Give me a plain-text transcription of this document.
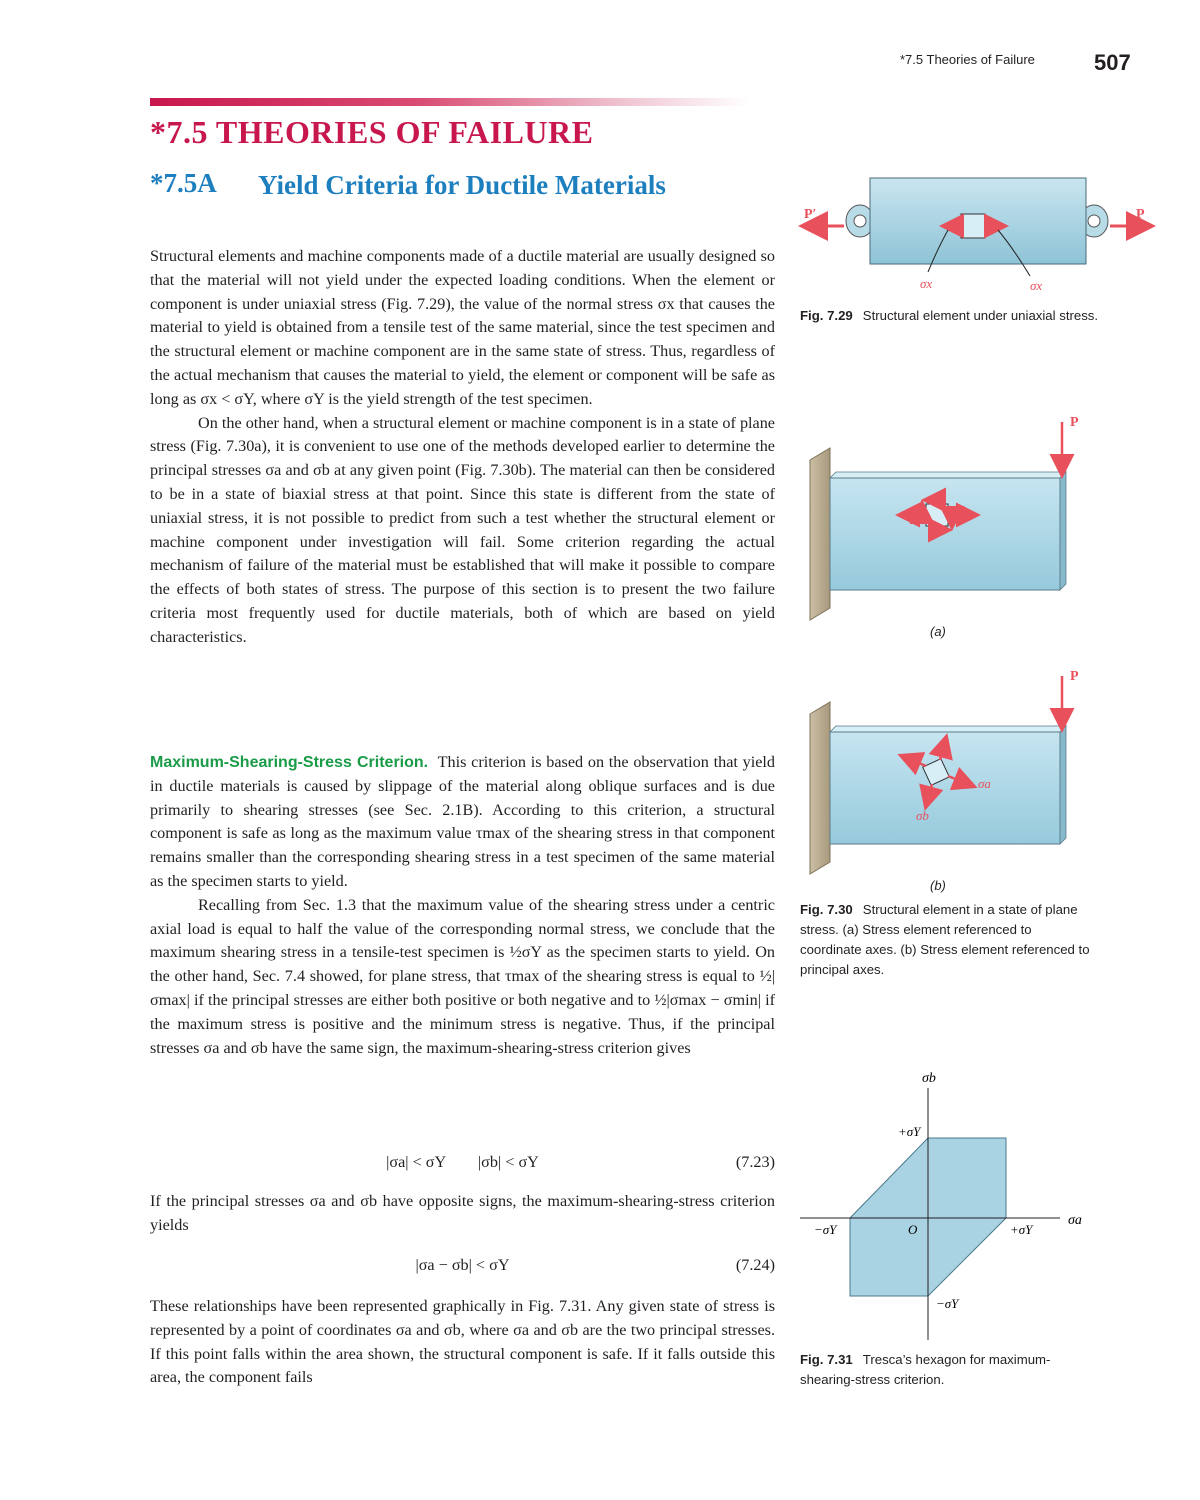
*7.5 Theories of Failure	507
*7.5 THEORIES OF FAILURE
*7.5A Yield Criteria for Ductile Materials

Structural elements and machine components made of a ductile material are usually designed so that the material will not yield under the expected loading conditions. When the element or component is under uniaxial stress (Fig. 7.29), the value of the normal stress σx that causes the material to yield is obtained from a tensile test of the same material, since the test specimen and the structural element or machine component are in the same state of stress. Thus, regardless of the actual mechanism that causes the material to yield, the element or component will be safe as long as σx < σY, where σY is the yield strength of the test specimen.

On the other hand, when a structural element or machine component is in a state of plane stress (Fig. 7.30a), it is convenient to use one of the methods developed earlier to determine the principal stresses σa and σb at any given point (Fig. 7.30b). The material can then be considered to be in a state of biaxial stress at that point. Since this state is different from the state of uniaxial stress, it is not possible to predict from such a test whether the structural element or machine component under investigation will fail. Some criterion regarding the actual mechanism of failure of the material must be established that will make it possible to compare the effects of both states of stress. The purpose of this section is to present the two failure criteria most frequently used for ductile materials, both of which are based on yield characteristics.

Maximum-Shearing-Stress Criterion. This criterion is based on the observation that yield in ductile materials is caused by slippage of the material along oblique surfaces and is due primarily to shearing stresses (see Sec. 2.1B). According to this criterion, a structural component is safe as long as the maximum value τmax of the shearing stress in that component remains smaller than the corresponding shearing stress in a test specimen of the same material as the specimen starts to yield.

Recalling from Sec. 1.3 that the maximum value of the shearing stress under a centric axial load is equal to half the value of the corresponding normal stress, we conclude that the maximum shearing stress in a tensile-test specimen is ½σY as the specimen starts to yield. On the other hand, Sec. 7.4 showed, for plane stress, that τmax of the shearing stress is equal to ½|σmax| if the principal stresses are either both positive or both negative and to ½|σmax − σmin| if the maximum stress is positive and the minimum stress is negative. Thus, if the principal stresses σa and σb have the same sign, the maximum-shearing-stress criterion gives

|σa| < σY        |σb| < σY	(7.23)

If the principal stresses σa and σb have opposite signs, the maximum-shearing-stress criterion yields

|σa − σb| < σY	(7.24)

These relationships have been represented graphically in Fig. 7.31. Any given state of stress is represented by a point of coordinates σa and σb, where σa and σb are the two principal stresses. If this point falls within the area shown, the structural component is safe. If it falls outside this area, the component fails

P′	P
σx	σx
Fig. 7.29 Structural element under uniaxial stress.
P
(a)
P
σa
σb
(b)
Fig. 7.30 Structural element in a state of plane stress. (a) Stress element referenced to coordinate axes. (b) Stress element referenced to principal axes.
σb
σa
+σY
−σY
+σY
−σY	O
Fig. 7.31 Tresca’s hexagon for maximum-shearing-stress criterion.
